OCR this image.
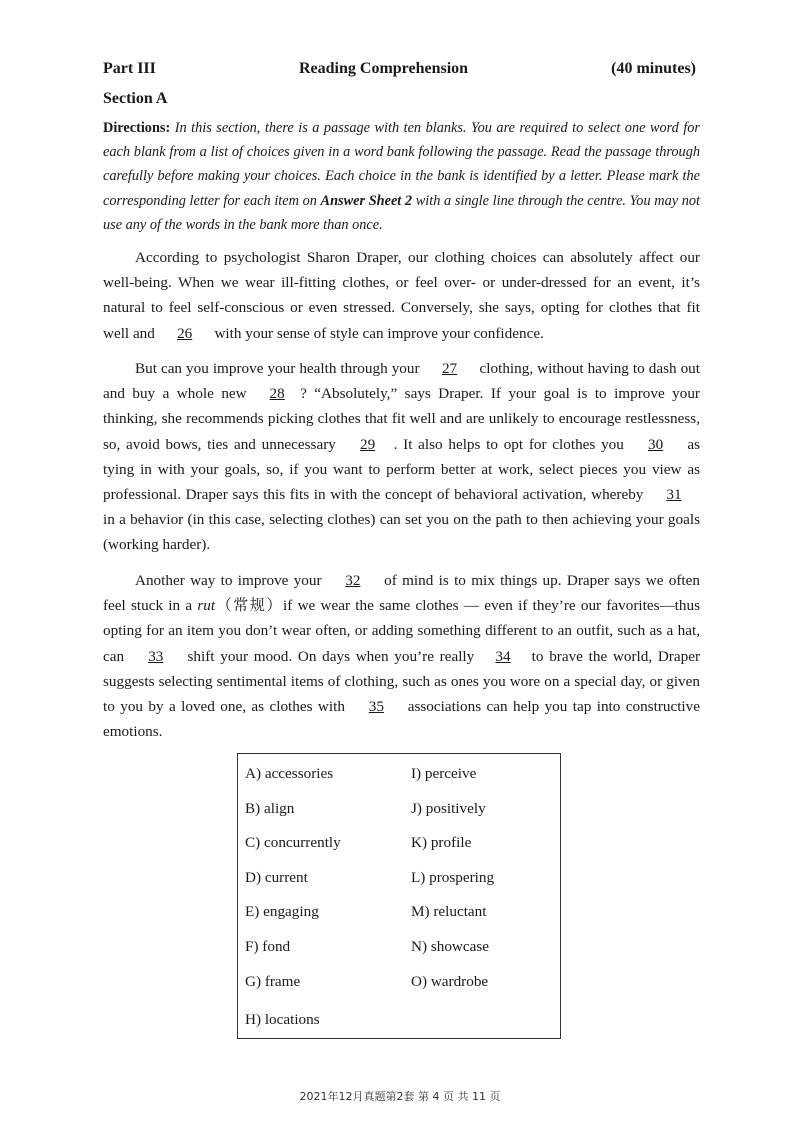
Part III	Reading Comprehension	(40 minutes)
Section A
Directions: In this section, there is a passage with ten blanks. You are required to select one word for each blank from a list of choices given in a word bank following the passage. Read the passage through carefully before making your choices. Each choice in the bank is identified by a letter. Please mark the corresponding letter for each item on Answer Sheet 2 with a single line through the centre. You may not use any of the words in the bank more than once.

According to psychologist Sharon Draper, our clothing choices can absolutely affect our well-being. When we wear ill-fitting clothes, or feel over- or under-dressed for an event, it’s natural to feel self-conscious or even stressed. Conversely, she says, opting for clothes that fit well and 26 with your sense of style can improve your confidence.

But can you improve your health through your 27 clothing, without having to dash out and buy a whole new 28 ? “Absolutely,” says Draper. If your goal is to improve your thinking, she recommends picking clothes that fit well and are unlikely to encourage restlessness, so, avoid bows, ties and unnecessary 29 . It also helps to opt for clothes you 30 as tying in with your goals, so, if you want to perform better at work, select pieces you view as professional. Draper says this fits in with the concept of behavioral activation, whereby 31 in a behavior (in this case, selecting clothes) can set you on the path to then achieving your goals (working harder).

Another way to improve your 32 of mind is to mix things up. Draper says we often feel stuck in a rut（常规）if we wear the same clothes — even if they’re our favorites—thus opting for an item you don’t wear often, or adding something different to an outfit, such as a hat, can 33 shift your mood. On days when you’re really 34 to brave the world, Draper suggests selecting sentimental items of clothing, such as ones you wore on a special day, or given to you by a loved one, as clothes with 35 associations can help you tap into constructive emotions.

A) accessories
B) align
C) concurrently
D) current
E) engaging
F) fond
G) frame
H) locations
I) perceive
J) positively
K) profile
L) prospering
M) reluctant
N) showcase
O) wardrobe
2021年12月真题第2套 第 4 页 共 11 页
